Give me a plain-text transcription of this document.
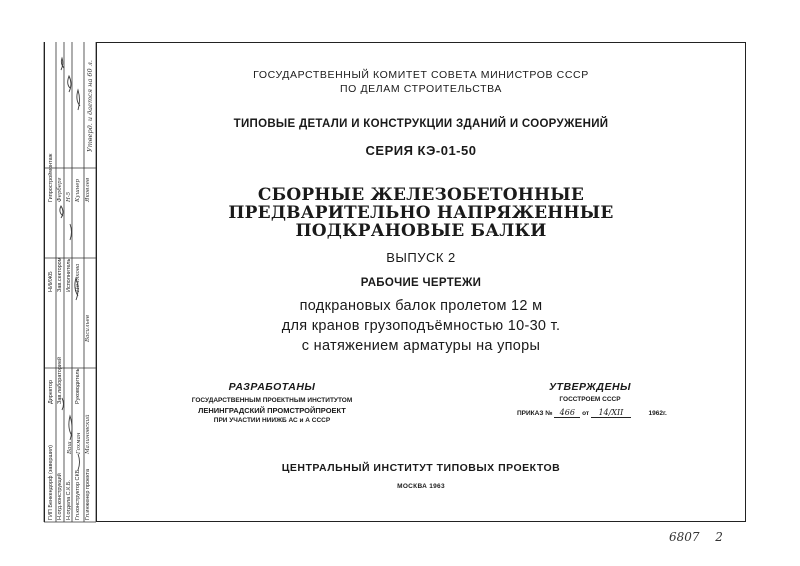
ГИП Бенкендорф (завершил) Н.отд.конструкций Н.отдела С.К.Б. Гл.конструктор СКБ Гл.инженер проекта
Ваш Гохман Малиновский
Директор Зав.лабораторией Руководитель
Васильев
НИИЖБ Зав.сектором Исполнитель Полякова
Гипростроймонтаж Ферберг Н-5 Кушнер Яковлев
Утверд. и дается на 60 л.	ГОСУДАРСТВЕННЫЙ КОМИТЕТ СОВЕТА МИНИСТРОВ СССР
ПО ДЕЛАМ СТРОИТЕЛЬСТВА
ТИПОВЫЕ ДЕТАЛИ И КОНСТРУКЦИИ ЗДАНИЙ И СООРУЖЕНИЙ
СЕРИЯ КЭ-01-50
СБОРНЫЕ ЖЕЛЕЗОБЕТОННЫЕ
ПРЕДВАРИТЕЛЬНО НАПРЯЖЕННЫЕ
ПОДКРАНОВЫЕ БАЛКИ
ВЫПУСК 2
РАБОЧИЕ ЧЕРТЕЖИ
подкрановых балок пролетом 12 м
для кранов грузоподъёмностью 10-30 т.
с натяжением арматуры на упоры
РАЗРАБОТАНЫ
ГОСУДАРСТВЕННЫМ ПРОЕКТНЫМ ИНСТИТУТОМ
ЛЕНИНГРАДСКИЙ ПРОМСТРОЙПРОЕКТ
ПРИ УЧАСТИИ НИИЖБ АС и А СССР
УТВЕРЖДЕНЫ
ГОССТРОЕМ СССР
ПРИКАЗ № 466 от 14/XII	1962г.
ЦЕНТРАЛЬНЫЙ ИНСТИТУТ ТИПОВЫХ ПРОЕКТОВ
МОСКВА 1963
6807 2
